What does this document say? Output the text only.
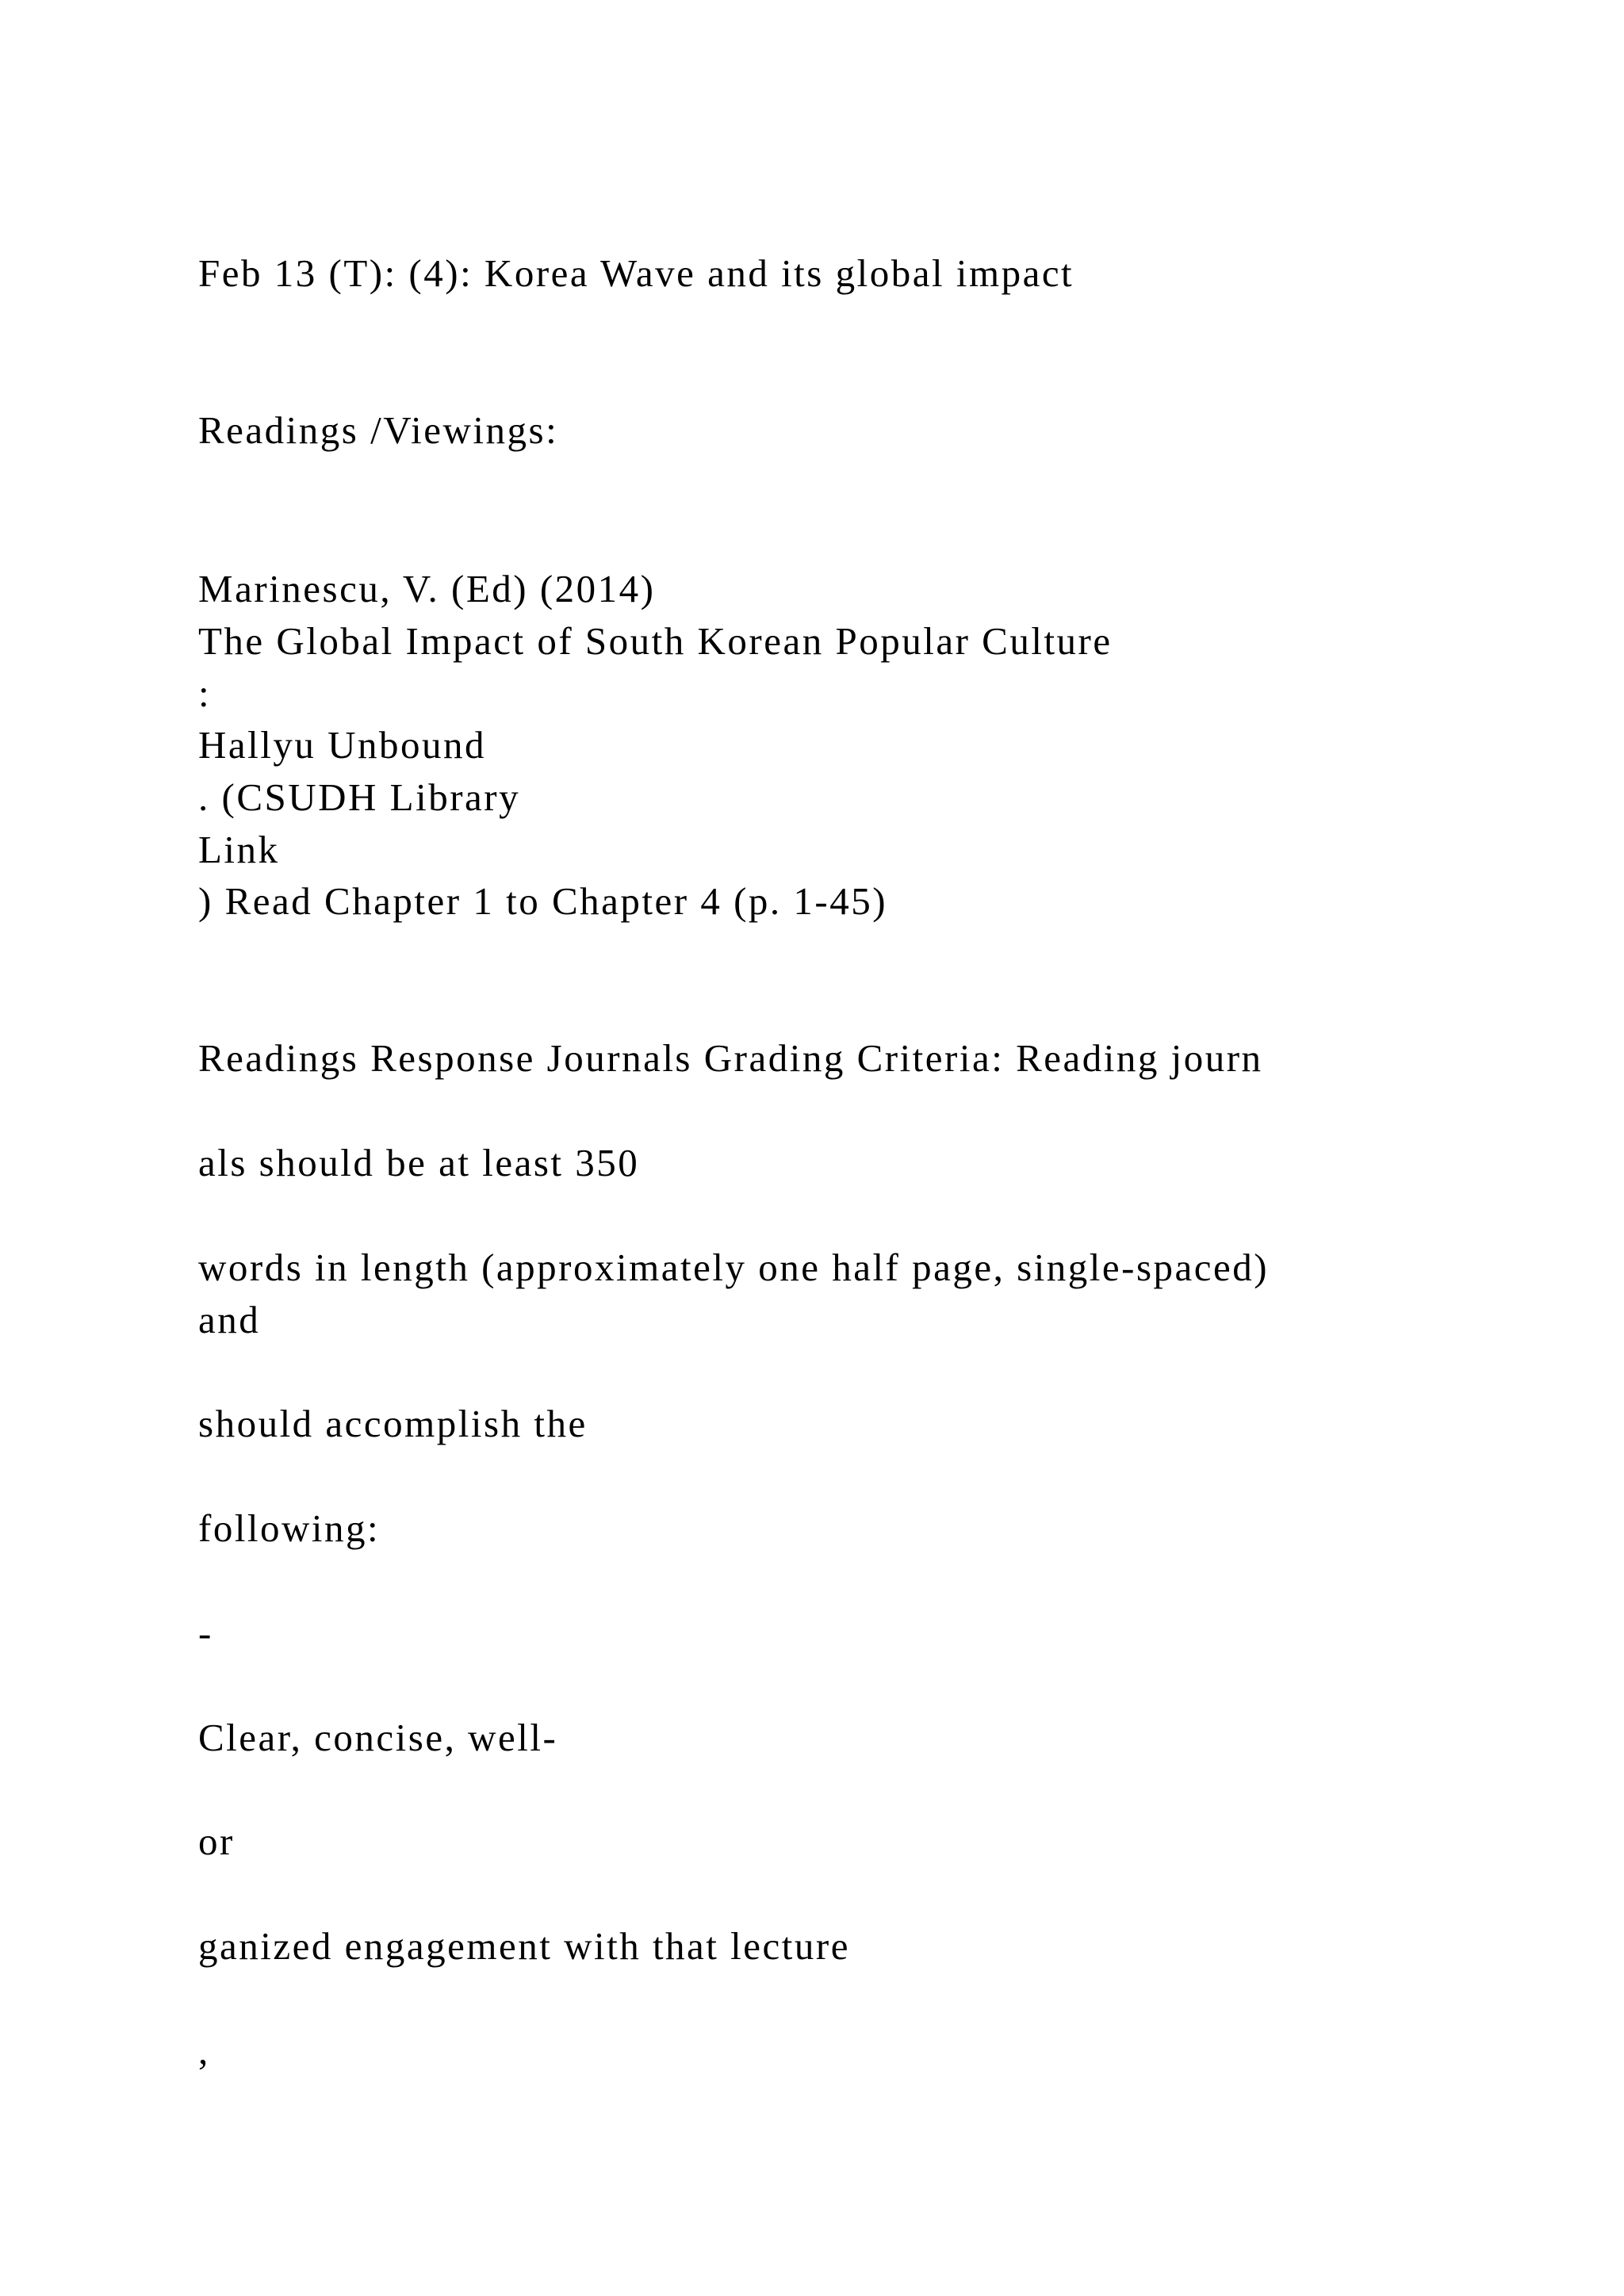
Feb 13 (T): (4): Korea Wave and its global impact

Readings /Viewings:

Marinescu, V. (Ed) (2014)

The Global Impact of South Korean Popular Culture

:

Hallyu Unbound

. (CSUDH Library

Link

) Read Chapter 1 to Chapter 4 (p. 1-45)

Readings Response Journals Grading Criteria: Reading journ

als should be at least 350

words in length (approximately one half page, single-spaced)

and

should accomplish the

following:

-

Clear, concise, well-

or

ganized engagement with that lecture

,
